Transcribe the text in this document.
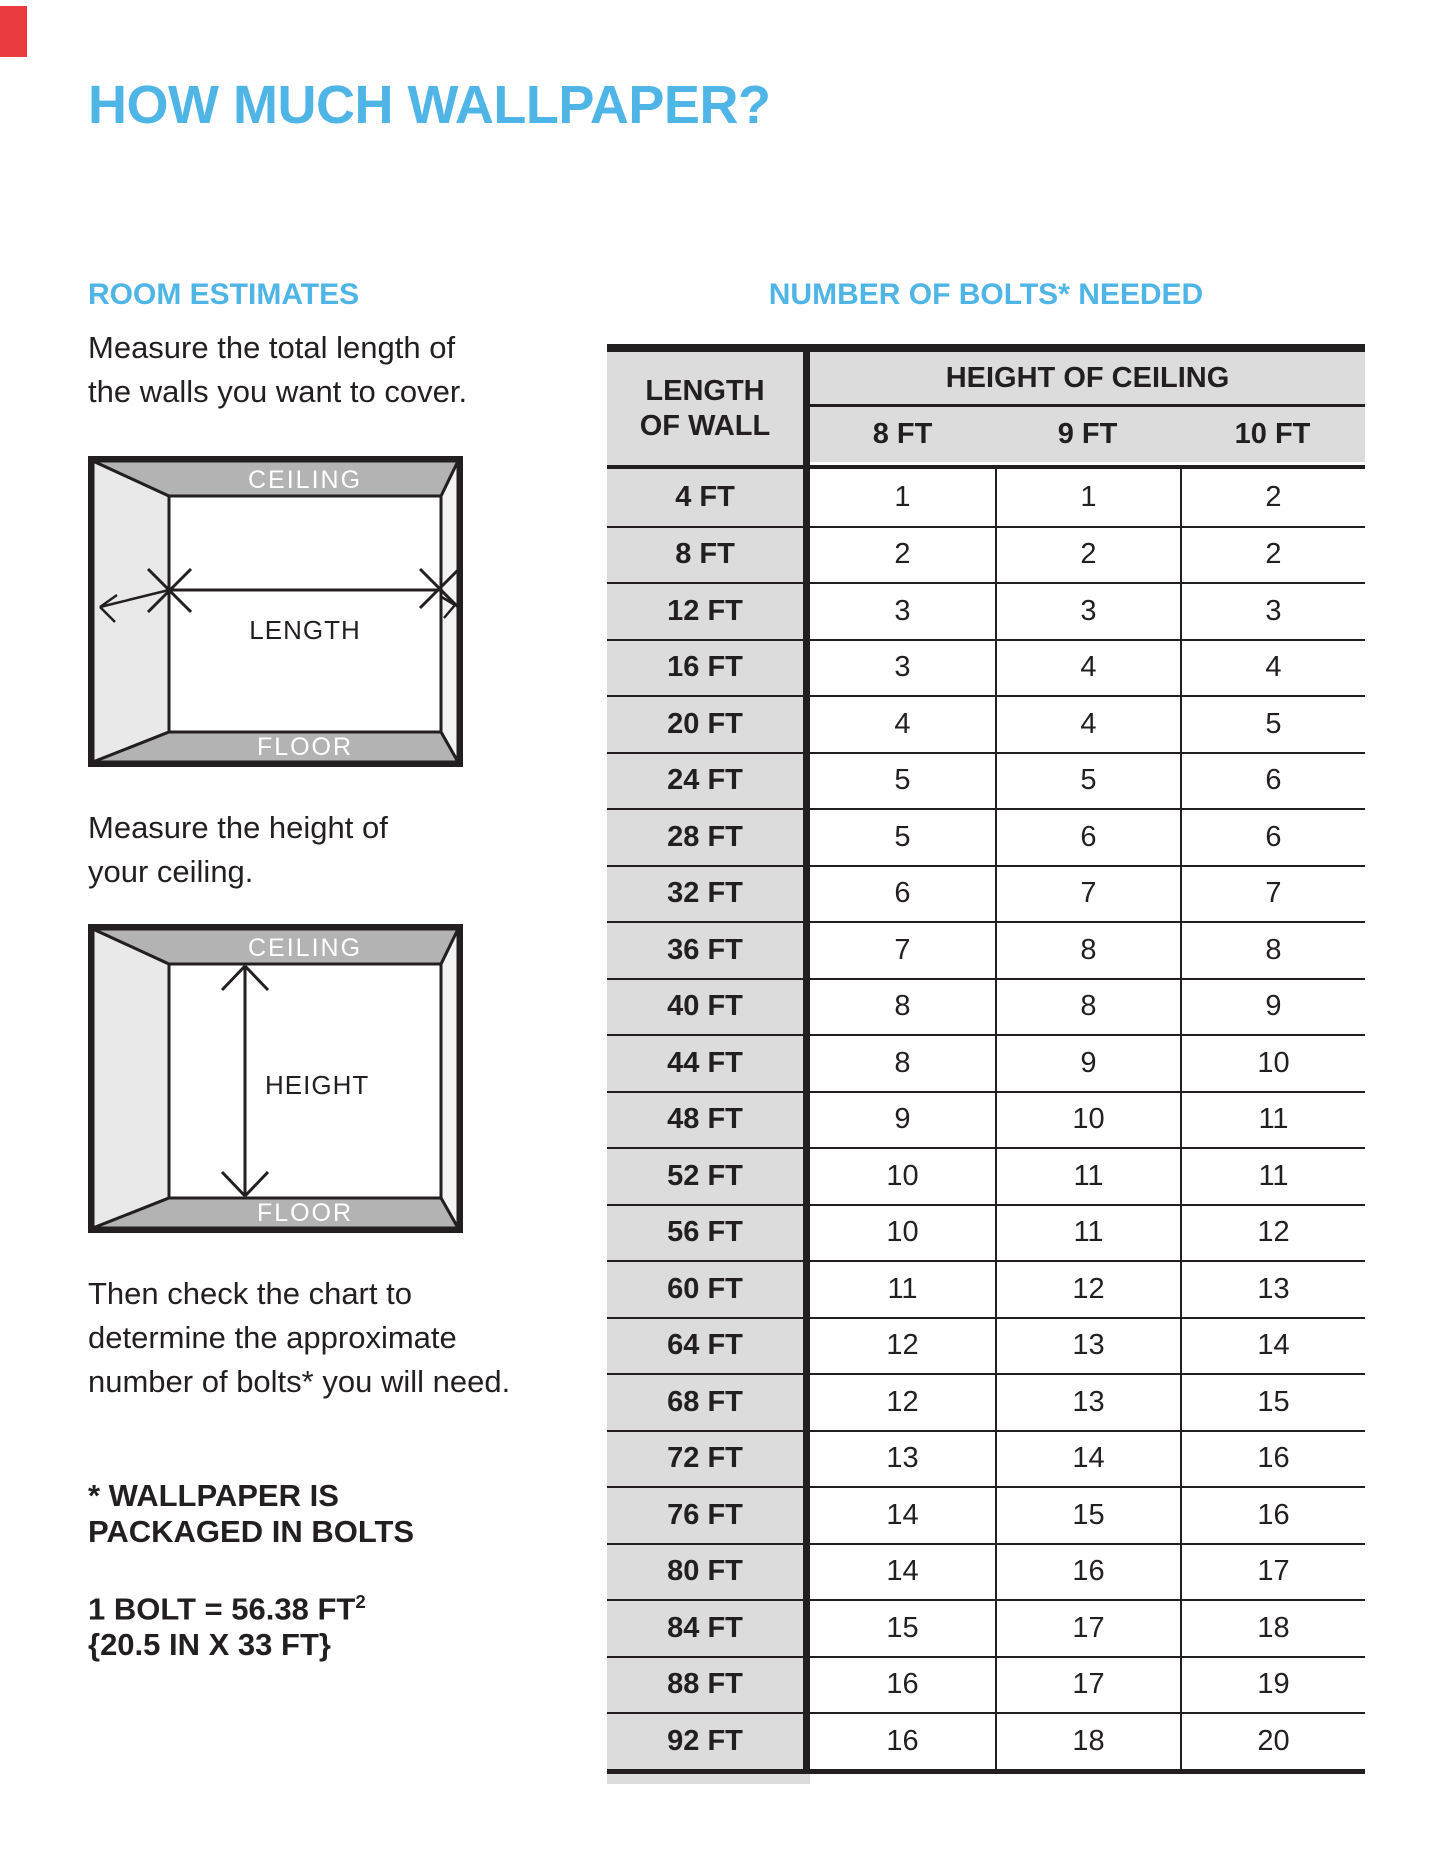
HOW MUCH WALLPAPER?
ROOM ESTIMATES	NUMBER OF BOLTS* NEEDED
Measure the total length of
the walls you want to cover.
CEILING
FLOOR
LENGTH
Measure the height of
your ceiling.
CEILING
FLOOR
HEIGHT
Then check the chart to
determine the approximate
number of bolts* you will need.
* WALLPAPER IS
PACKAGED IN BOLTS
1 BOLT = 56.38 $FT^2$
{20.5 IN X 33 FT}
LENGTH
OF WALL
HEIGHT OF CEILING
8 FT	9 FT	10 FT
4 FT	1	1	2
8 FT	2	2	2
12 FT	3	3	3
16 FT	3	4	4
20 FT	4	4	5
24 FT	5	5	6
28 FT	5	6	6
32 FT	6	7	7
36 FT	7	8	8
40 FT	8	8	9
44 FT	8	9	10
48 FT	9	10	11
52 FT	10	11	11
56 FT	10	11	12
60 FT	11	12	13
64 FT	12	13	14
68 FT	12	13	15
72 FT	13	14	16
76 FT	14	15	16
80 FT	14	16	17
84 FT	15	17	18
88 FT	16	17	19
92 FT	16	18	20
